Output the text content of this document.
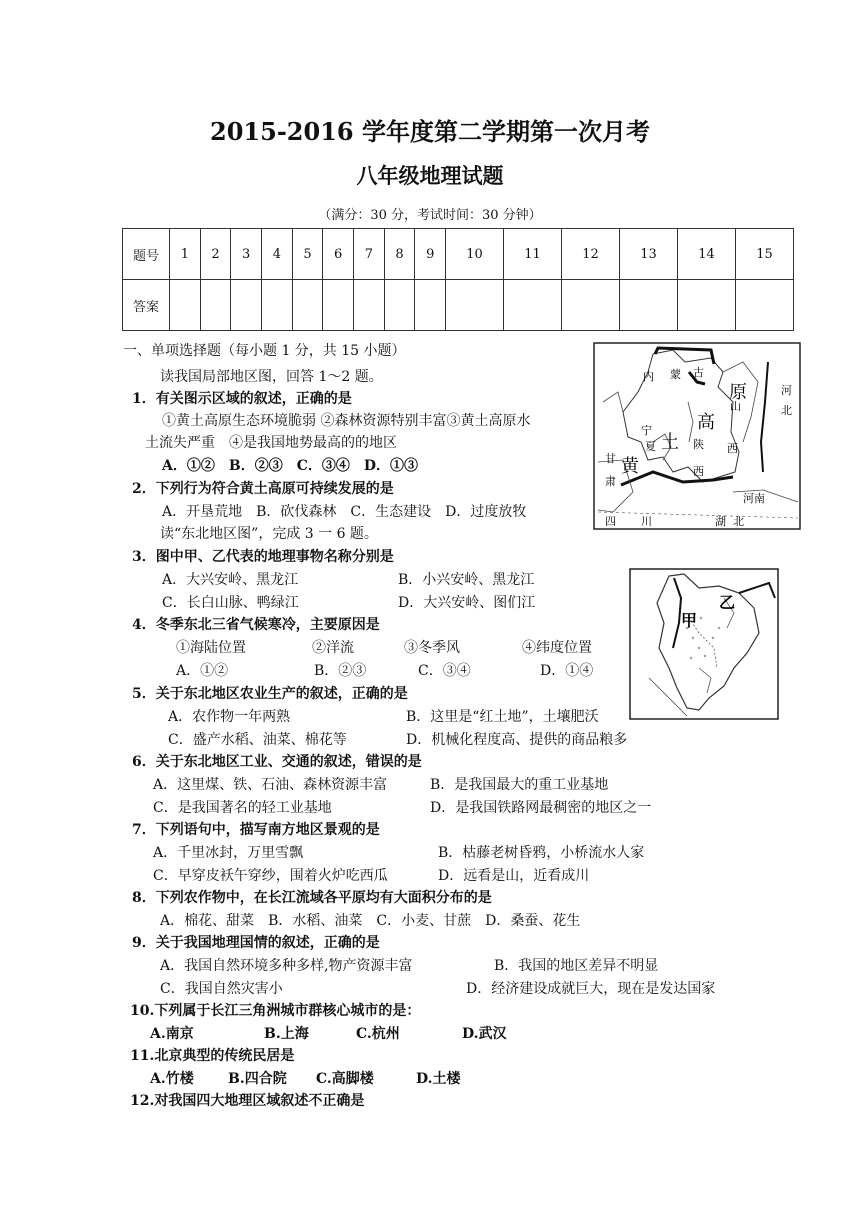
2015-2016 学年度第二学期第一次月考
八年级地理试题
（满分：30 分，考试时间：30 分钟）
题号	1	2	3	4	5	6	7	8	9	10	11	12	13	14	15
答案															
内 蒙 古
山
原	河
北
宁
夏
高
陕 西
甘
肃
黄
土
西
河南
四 川	湖 北
乙
甲
一、单项选择题（每小题 1 分，共 15 小题）
读我国局部地区图，回答 1～2 题。
1．有关图示区域的叙述，正确的是
①黄土高原生态环境脆弱 ②森林资源特别丰富③黄土高原水
土流失严重　④是我国地势最高的的地区
A．①②　B．②③　C．③④　D．①③
2．下列行为符合黄土高原可持续发展的是
A．开垦荒地　B．砍伐森林　C．生态建设　D．过度放牧
读“东北地区图”，完成 3 一 6 题。
3．图中甲、乙代表的地理事物名称分别是
A．大兴安岭、黑龙江	B．小兴安岭、黑龙江
C．长白山脉、鸭绿江	D．大兴安岭、图们江
4．冬季东北三省气候寒冷，主要原因是
①海陆位置	②洋流	③冬季风	④纬度位置
A．①②	B．②③	C．③④	D．①④
5．关于东北地区农业生产的叙述，正确的是
A．农作物一年两熟	B．这里是“红土地”，土壤肥沃
C．盛产水稻、油菜、棉花等	D．机械化程度高、提供的商品粮多
6．关于东北地区工业、交通的叙述，错误的是
A．这里煤、铁、石油、森林资源丰富	B．是我国最大的重工业基地
C．是我国著名的轻工业基地	D．是我国铁路网最稠密的地区之一
7．下列语句中，描写南方地区景观的是
A．千里冰封，万里雪飘	B．枯藤老树昏鸦，小桥流水人家
C．早穿皮袄午穿纱，围着火炉吃西瓜	D．远看是山，近看成川
8．下列农作物中，在长江流域各平原均有大面积分布的是
A．棉花、甜菜　B．水稻、油菜　C．小麦、甘蔗　D．桑蚕、花生
9．关于我国地理国情的叙述，正确的是
A．我国自然环境多种多样,物产资源丰富	B．我国的地区差异不明显
C．我国自然灾害小	D．经济建设成就巨大，现在是发达国家
10.下列属于长江三角洲城市群核心城市的是：
A.南京	B.上海	C.杭州	D.武汉
11.北京典型的传统民居是
A.竹楼 B.四合院 C.高脚楼	D.土楼
12.对我国四大地理区域叙述不正确是
